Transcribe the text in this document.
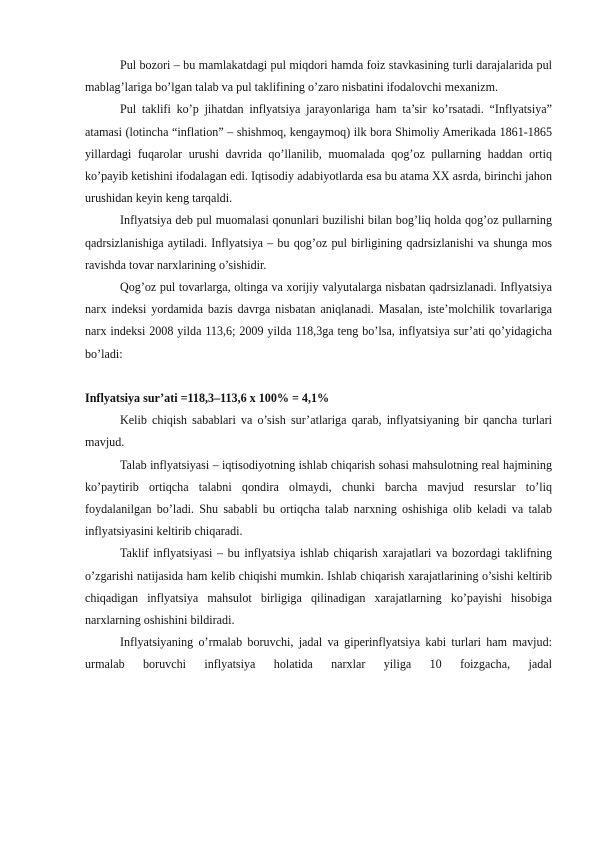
Pul bozori – bu mamlakatdagi pul miqdori hamda foiz stavkasining turli darajalarida pul mablag’lariga bo’lgan talab va pul taklifining o’zaro nisbatini ifodalovchi mexanizm.

Pul taklifi ko’p jihatdan inflyatsiya jarayonlariga ham ta’sir ko’rsatadi. “Inflyatsiya” atamasi (lotincha “inflation” – shishmoq, kengaymoq) ilk bora Shimoliy Amerikada 1861-1865 yillardagi fuqarolar urushi davrida qo’llanilib, muomalada qog’oz pullarning haddan ortiq ko’payib ketishini ifodalagan edi. Iqtisodiy adabiyotlarda esa bu atama XX asrda, birinchi jahon urushidan keyin keng tarqaldi.

Inflyatsiya deb pul muomalasi qonunlari buzilishi bilan bog’liq holda qog’oz pullarning qadrsizlanishiga aytiladi. Inflyatsiya – bu qog’oz pul birligining qadrsizlanishi va shunga mos ravishda tovar narxlarining o’sishidir.

Qog’oz pul tovarlarga, oltinga va xorijiy valyutalarga nisbatan qadrsizlanadi. Inflyatsiya narx indeksi yordamida bazis davrga nisbatan aniqlanadi. Masalan, iste’molchilik tovarlariga narx indeksi 2008 yilda 113,6; 2009 yilda 118,3ga teng bo’lsa, inflyatsiya sur’ati qo’yidagicha bo’ladi:

Inflyatsiya sur’ati =118,3–113,6 x 100% = 4,1%

Kelib chiqish sabablari va o’sish sur’atlariga qarab, inflyatsiyaning bir qancha turlari mavjud.

Talab inflyatsiyasi – iqtisodiyotning ishlab chiqarish sohasi mahsulotning real hajmining ko’paytirib ortiqcha talabni qondira olmaydi, chunki barcha mavjud resurslar to’liq foydalanilgan bo’ladi. Shu sababli bu ortiqcha talab narxning oshishiga olib keladi va talab inflyatsiyasini keltirib chiqaradi.

Taklif inflyatsiyasi – bu inflyatsiya ishlab chiqarish xarajatlari va bozordagi taklifning o’zgarishi natijasida ham kelib chiqishi mumkin. Ishlab chiqarish xarajatlarining o’sishi keltirib chiqadigan inflyatsiya mahsulot birligiga qilinadigan xarajatlarning ko’payishi hisobiga narxlarning oshishini bildiradi.

Inflyatsiyaning o’rmalab boruvchi, jadal va giperinflyatsiya kabi turlari ham mavjud: urmalab boruvchi inflyatsiya holatida narxlar yiliga 10 foizgacha, jadal
